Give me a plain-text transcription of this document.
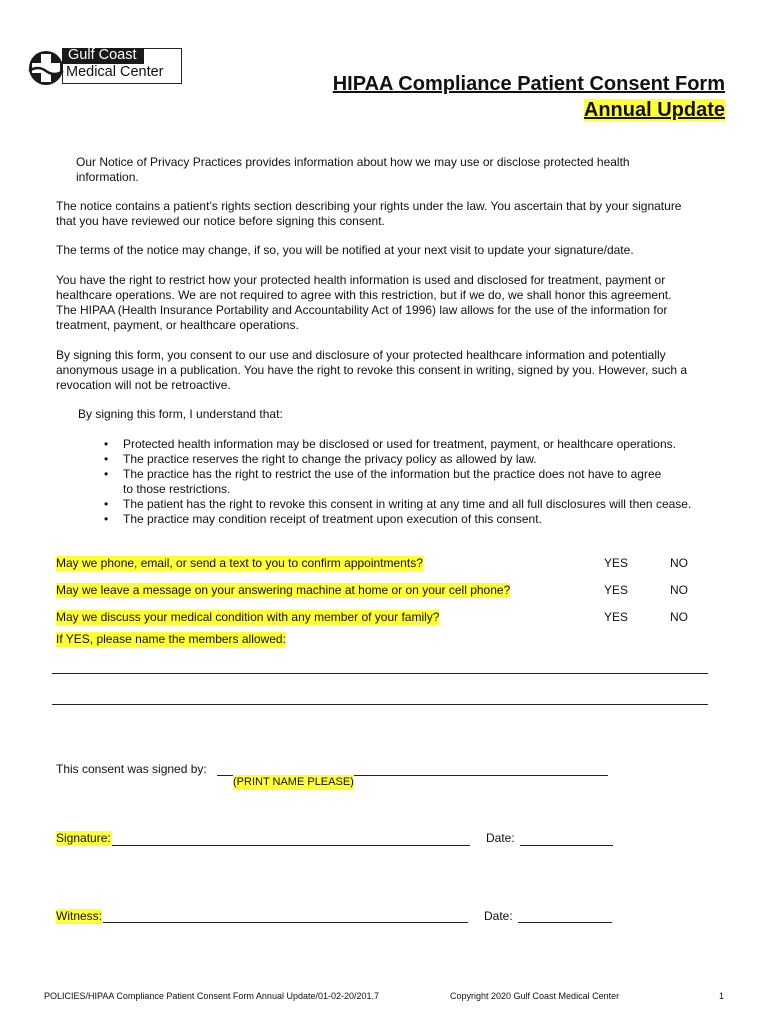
Gulf Coast
Medical Center
HIPAA Compliance Patient Consent Form
Annual Update
Our Notice of Privacy Practices provides information about how we may use or disclose protected health
information.
The notice contains a patient’s rights section describing your rights under the law. You ascertain that by your signature
that you have reviewed our notice before signing this consent.
The terms of the notice may change, if so, you will be notified at your next visit to update your signature/date.
You have the right to restrict how your protected health information is used and disclosed for treatment, payment or
healthcare operations. We are not required to agree with this restriction, but if we do, we shall honor this agreement.
The HIPAA (Health Insurance Portability and Accountability Act of 1996) law allows for the use of the information for
treatment, payment, or healthcare operations.
By signing this form, you consent to our use and disclosure of your protected healthcare information and potentially
anonymous usage in a publication. You have the right to revoke this consent in writing, signed by you. However, such a
revocation will not be retroactive.
By signing this form, I understand that:
• Protected health information may be disclosed or used for treatment, payment, or healthcare operations.
• The practice reserves the right to change the privacy policy as allowed by law.
• The practice has the right to restrict the use of the information but the practice does not have to agree
to those restrictions.
• The patient has the right to revoke this consent in writing at any time and all full disclosures will then cease.
• The practice may condition receipt of treatment upon execution of this consent.
May we phone, email, or send a text to you to confirm appointments?	YES	NO
May we leave a message on your answering machine at home or on your cell phone?	YES	NO
May we discuss your medical condition with any member of your family?	YES	NO
If YES, please name the members allowed:
This consent was signed by:
(PRINT NAME PLEASE)
Signature:	Date:
Witness:	Date:
POLICIES/HIPAA Compliance Patient Consent Form Annual Update/01-02-20/201.7	Copyright 2020 Gulf Coast Medical Center	1
